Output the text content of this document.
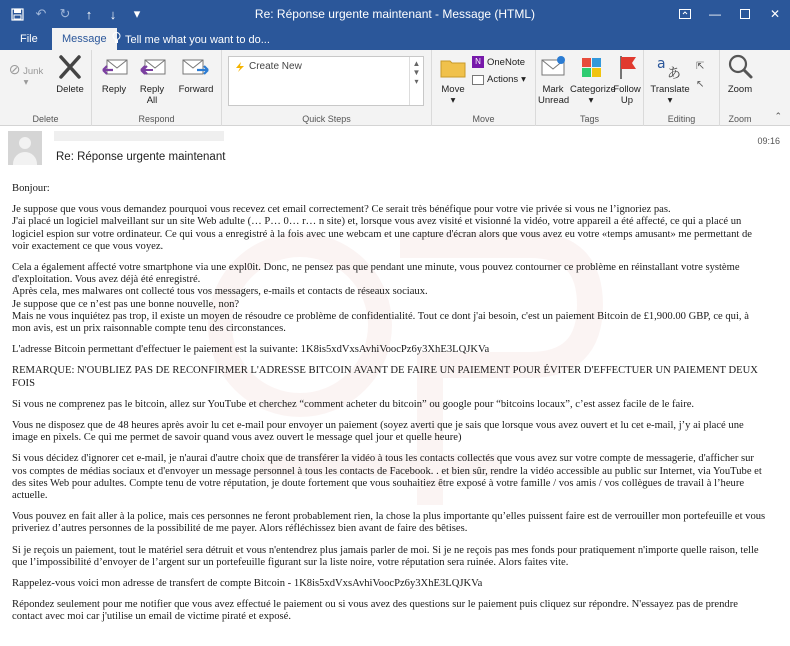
↶	↻	↑	↓	▾	Re: Réponse urgente maintenant - Message (HTML)	—	✕
File	Message	Tell me what you want to do...
⊘ Junk ▾
Delete
Delete
Reply	Reply All
Forward
Respond	Quick Steps
Create New	▲
▼
▾
Move
▾
N OneNote
Actions ▾
Move
Mark Unread
Categorize
▾
Follow Up
Tags
a
あ
Translate
▾
⇱
↖
Editing
Zoom
Zoom	⌃
Re: Réponse urgente maintenant
09:16

Bonjour:

Je suppose que vous vous demandez pourquoi vous recevez cet email correctement? Ce serait très bénéfique pour votre vie privée si vous ne l’ignoriez pas.
J'ai placé un logiciel malveillant sur un site Web adulte (… P… 0… r… n site) et, lorsque vous avez visité et visionné la vidéo, votre appareil a été affecté, ce qui a placé un logiciel espion sur votre ordinateur. Ce qui vous a enregistré à la fois avec une webcam et une capture d'écran alors que vous avez eu votre «temps amusant» me permettant de voir exactement ce que vous voyez.

Cela a également affecté votre smartphone via une expl0it. Donc, ne pensez pas que pendant une minute, vous pouvez contourner ce problème en réinstallant votre système d'exploitation. Vous avez déjà été enregistré.
Après cela, mes malwares ont collecté tous vos messagers, e-mails et contacts de réseaux sociaux.
Je suppose que ce n’est pas une bonne nouvelle, non?
Mais ne vous inquiétez pas trop, il existe un moyen de résoudre ce problème de confidentialité. Tout ce dont j'ai besoin, c'est un paiement Bitcoin de £1,900.00 GBP, ce qui, à mon avis, est un prix raisonnable compte tenu des circonstances.

L'adresse Bitcoin permettant d'effectuer le paiement est la suivante: 1K8is5xdVxsAvhiVoocPz6y3XhE3LQJKVa

REMARQUE: N'OUBLIEZ PAS DE RECONFIRMER L'ADRESSE BITCOIN AVANT DE FAIRE UN PAIEMENT POUR ÉVITER D'EFFECTUER UN PAIEMENT DEUX FOIS

Si vous ne comprenez pas le bitcoin, allez sur YouTube et cherchez “comment acheter du bitcoin” ou google pour “bitcoins locaux”, c’est assez facile de le faire.

Vous ne disposez que de 48 heures après avoir lu cet e-mail pour envoyer un paiement (soyez averti que je sais que lorsque vous avez ouvert et lu cet e-mail, j’y ai placé une image en pixels. Ce qui me permet de savoir quand vous avez ouvert le message quel jour et quelle heure)

Si vous décidez d'ignorer cet e-mail, je n'aurai d'autre choix que de transférer la vidéo à tous les contacts collectés que vous avez sur votre compte de messagerie, d'afficher sur vos comptes de médias sociaux et d'envoyer un message personnel à tous les contacts de Facebook. . et bien sûr, rendre la vidéo accessible au public sur Internet, via YouTube et des sites Web pour adultes. Compte tenu de votre réputation, je doute fortement que vous souhaitiez être exposé à votre famille / vos amis / vos collègues de travail à l’heure actuelle.

Vous pouvez en fait aller à la police, mais ces personnes ne feront probablement rien, la chose la plus importante qu’elles puissent faire est de verrouiller mon portefeuille et vous priveriez d’autres personnes de la possibilité de me payer. Alors réfléchissez bien avant de faire des bêtises.

Si je reçois un paiement, tout le matériel sera détruit et vous n'entendrez plus jamais parler de moi. Si je ne reçois pas mes fonds pour pratiquement n'importe quelle raison, telle que l’impossibilité d’envoyer de l’argent sur un portefeuille figurant sur la liste noire, votre réputation sera ruinée. Alors faites vite.

Rappelez-vous voici mon adresse de transfert de compte Bitcoin - 1K8is5xdVxsAvhiVoocPz6y3XhE3LQJKVa

Répondez seulement pour me notifier que vous avez effectué le paiement ou si vous avez des questions sur le paiement puis cliquez sur répondre. N'essayez pas de prendre contact avec moi car j'utilise un email de victime piraté et exposé.
